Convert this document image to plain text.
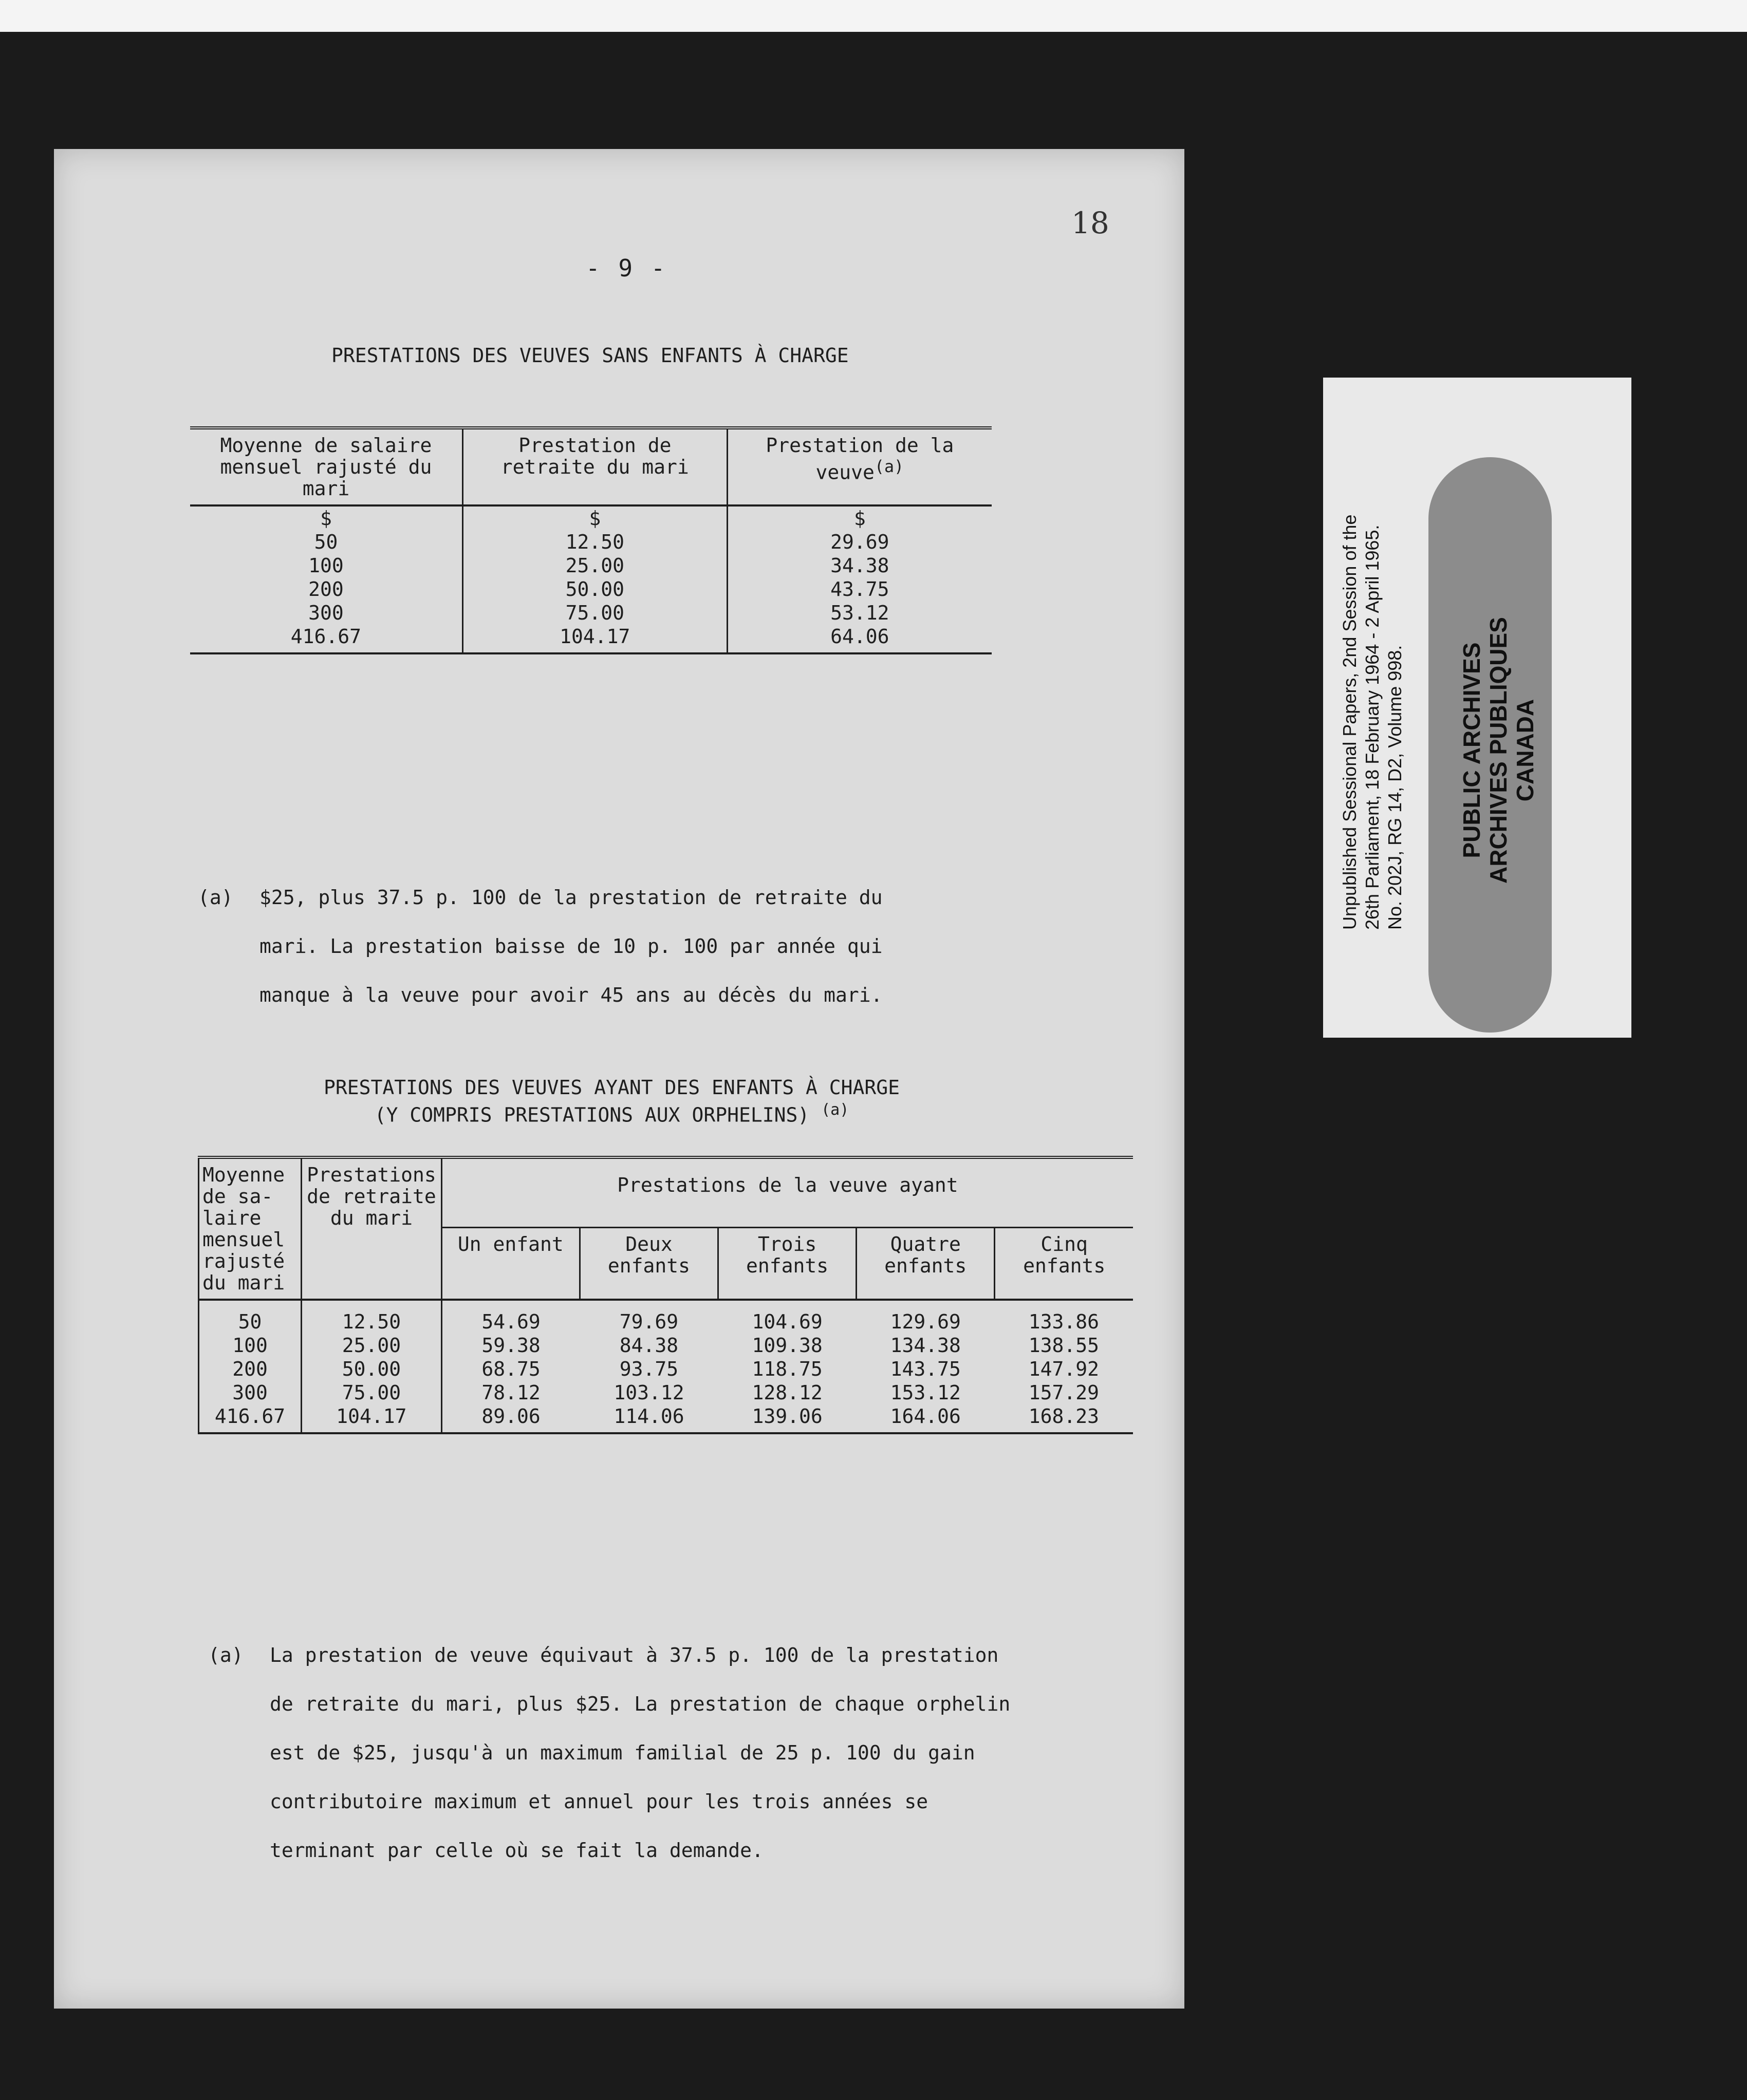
- 9 -
18
PRESTATIONS DES VEUVES SANS ENFANTS À CHARGE
Moyenne de salaire mensuel rajusté du mari	Prestation de retraite du mari	Prestation de la veuve$^{(a)}$
$	$	$
50	12.50	29.69
100	25.00	34.38
200	50.00	43.75
300	75.00	53.12
416.67	104.17	64.06
(a) $25, plus 37.5 p. 100 de la prestation de retraite du
mari. La prestation baisse de 10 p. 100 par année qui
manque à la veuve pour avoir 45 ans au décès du mari.
PRESTATIONS DES VEUVES AYANT DES ENFANTS À CHARGE
(Y COMPRIS PRESTATIONS AUX ORPHELINS) $^{(a)}$
Moyenne de sa- laire mensuel rajusté du mari	Prestations de retraite du mari	Prestations de la veuve ayant				
		Un enfant	Deux enfants	Trois enfants	Quatre enfants	Cinq enfants
50	12.50	54.69	79.69	104.69	129.69	133.86
100	25.00	59.38	84.38	109.38	134.38	138.55
200	50.00	68.75	93.75	118.75	143.75	147.92
300	75.00	78.12	103.12	128.12	153.12	157.29
416.67	104.17	89.06	114.06	139.06	164.06	168.23
(a) La prestation de veuve équivaut à 37.5 p. 100 de la prestation
de retraite du mari, plus $25. La prestation de chaque orphelin
est de $25, jusqu'à un maximum familial de 25 p. 100 du gain
contributoire maximum et annuel pour les trois années se
terminant par celle où se fait la demande.
Unpublished Sessional Papers, 2nd Session of the 26th Parliament, 18 February 1964 - 2 April 1965. No. 202J, RG 14, D2, Volume 998. PUBLIC ARCHIVES ARCHIVES PUBLIQUES CANADA
